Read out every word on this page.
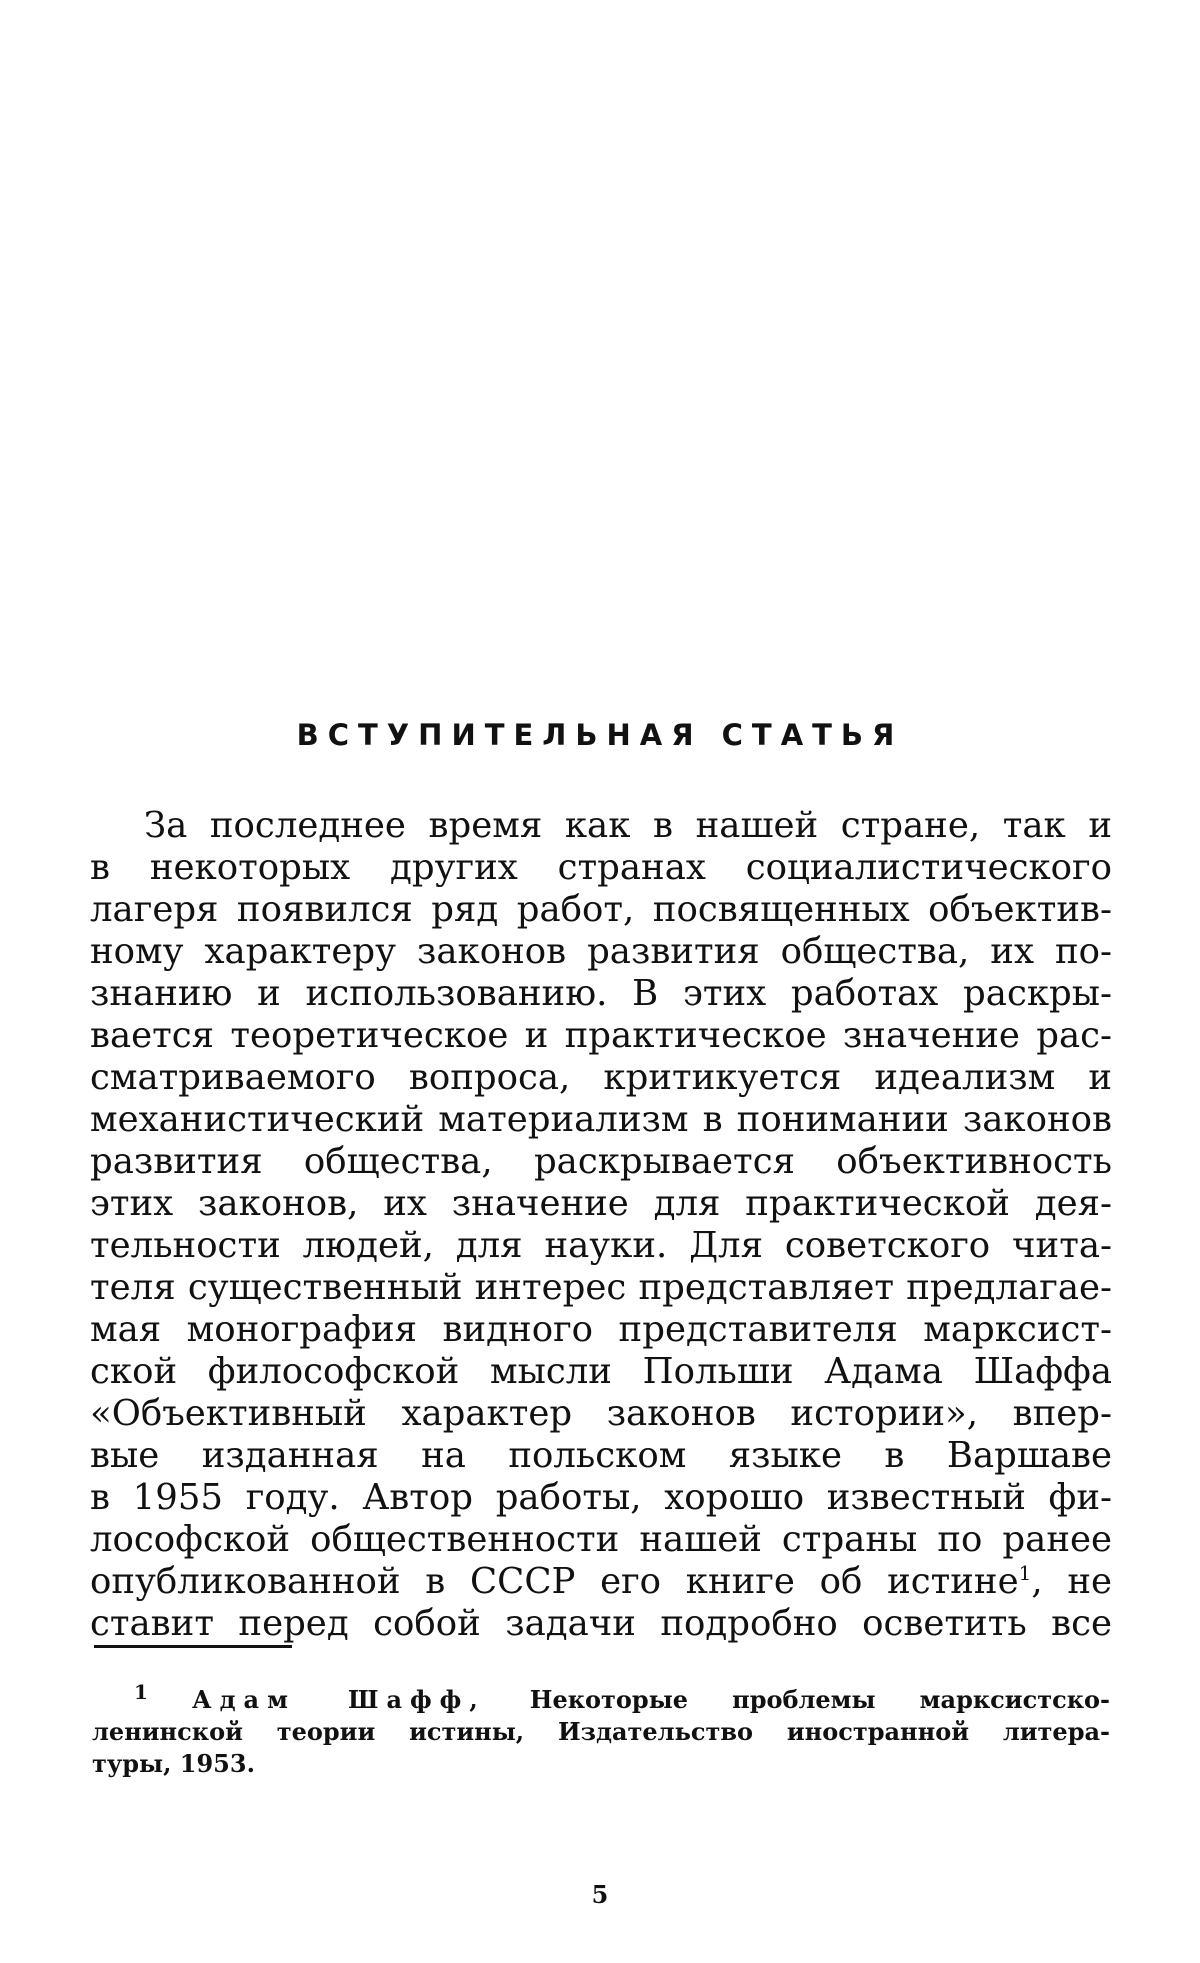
ВСТУПИТЕЛЬНАЯ СТАТЬЯ
За последнее время как в нашей стране, так и
в некоторых других странах социалистического
лагеря появился ряд работ, посвященных объектив-
ному характеру законов развития общества, их по-
знанию и использованию. В этих работах раскры-
вается теоретическое и практическое значение рас-
сматриваемого вопроса, критикуется идеализм и
механистический материализм в понимании законов
развития общества, раскрывается объективность
этих законов, их значение для практической дея-
тельности людей, для науки. Для советского чита-
теля существенный интерес представляет предлагае-
мая монография видного представителя марксист-
ской философской мысли Польши Адама Шаффа
«Объективный характер законов истории», впер-
вые изданная на польском языке в Варшаве
в 1955 году. Автор работы, хорошо известный фи-
лософской общественности нашей страны по ранее
опубликованной в СССР его книге об истине$^1$, не
ставит перед собой задачи подробно осветить все
$^1$ Адам Шафф, Некоторые проблемы марксистско-
ленинской теории истины, Издательство иностранной литера-
туры, 1953.
5
